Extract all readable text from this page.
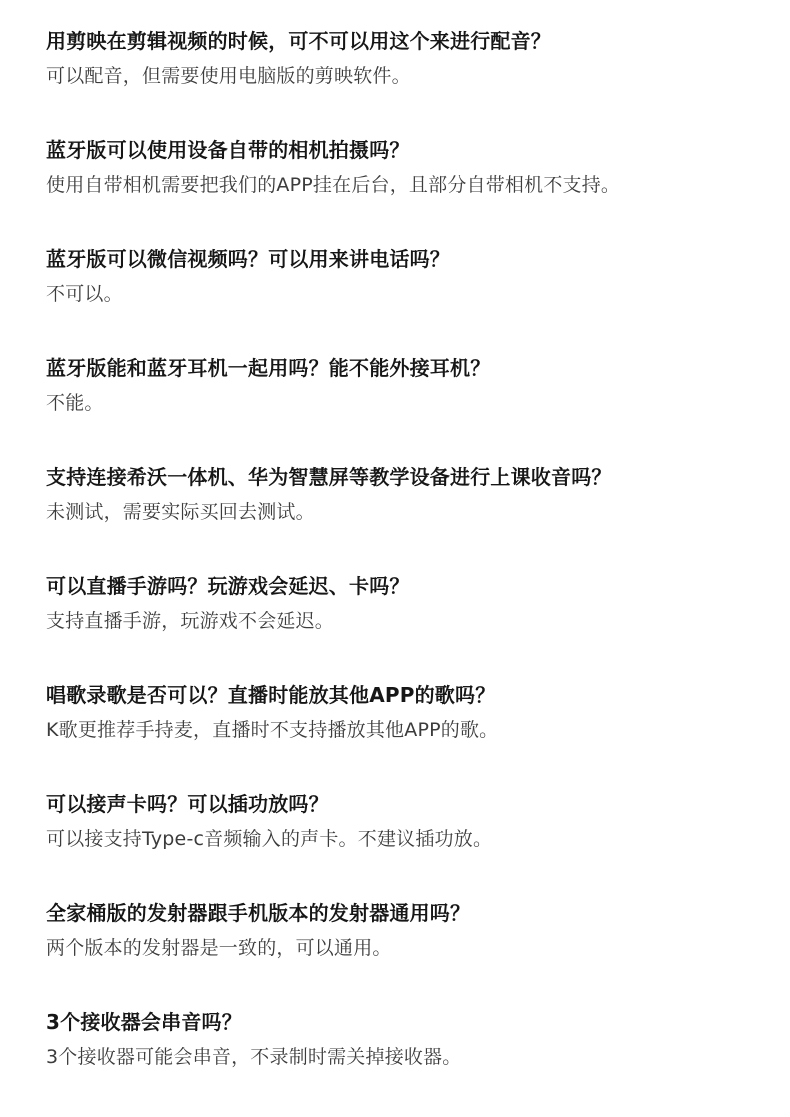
用剪映在剪辑视频的时候，可不可以用这个来进行配音？
可以配音，但需要使用电脑版的剪映软件。
蓝牙版可以使用设备自带的相机拍摄吗？
使用自带相机需要把我们的APP挂在后台，且部分自带相机不支持。
蓝牙版可以微信视频吗？可以用来讲电话吗？
不可以。
蓝牙版能和蓝牙耳机一起用吗？能不能外接耳机？
不能。
支持连接希沃一体机、华为智慧屏等教学设备进行上课收音吗？
未测试，需要实际买回去测试。
可以直播手游吗？玩游戏会延迟、卡吗？
支持直播手游，玩游戏不会延迟。
唱歌录歌是否可以？直播时能放其他APP的歌吗？
K歌更推荐手持麦，直播时不支持播放其他APP的歌。
可以接声卡吗？可以插功放吗？
可以接支持Type-c音频输入的声卡。不建议插功放。
全家桶版的发射器跟手机版本的发射器通用吗？
两个版本的发射器是一致的，可以通用。
3个接收器会串音吗？
3个接收器可能会串音，不录制时需关掉接收器。
